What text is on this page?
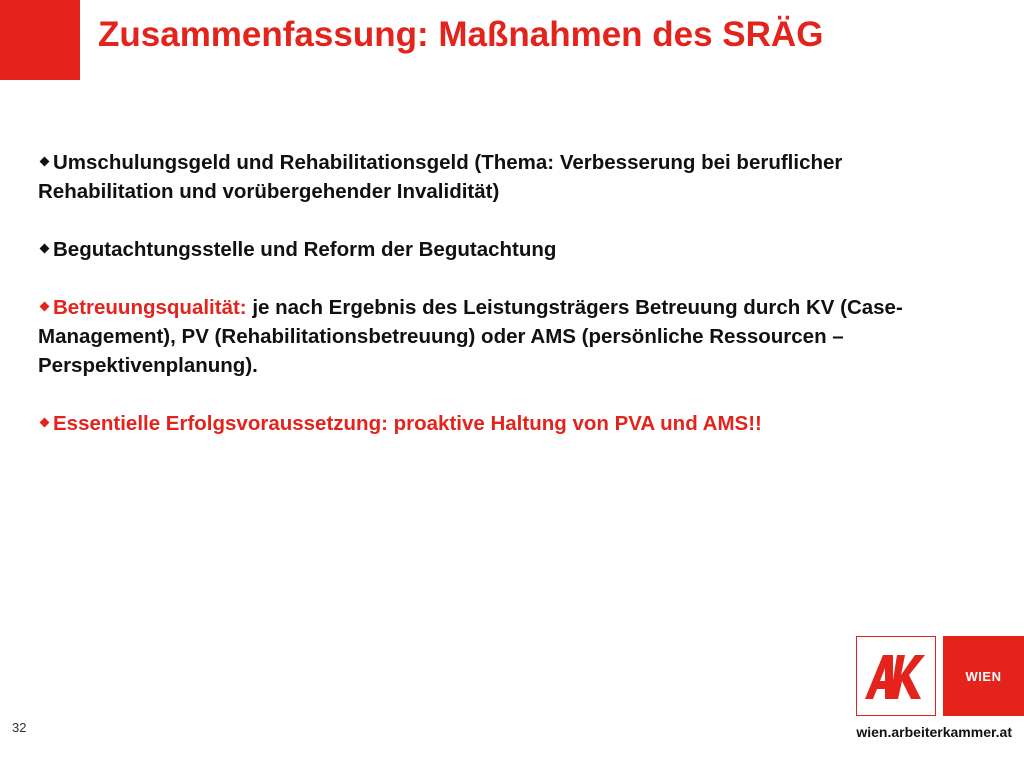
Zusammenfassung: Maßnahmen des SRÄG

Umschulungsgeld und Rehabilitationsgeld (Thema: Verbesserung bei beruflicher Rehabilitation und vorübergehender Invalidität)

Begutachtungsstelle und Reform der Begutachtung

Betreuungsqualität: je nach Ergebnis des Leistungsträgers Betreuung durch KV (Case-Management), PV (Rehabilitationsbetreuung) oder AMS (persönliche Ressourcen – Perspektivenplanung).

Essentielle Erfolgsvoraussetzung: proaktive Haltung von PVA und AMS!!

WIEN
wien.arbeiterkammer.at
32
